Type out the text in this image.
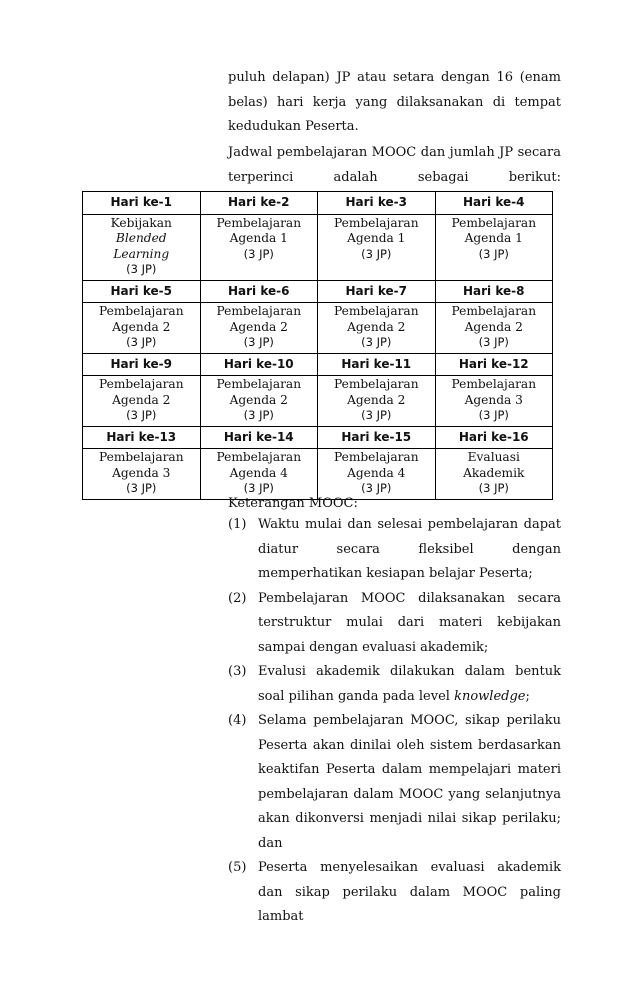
puluh delapan) JP atau setara dengan 16 (enam belas) hari kerja yang dilaksanakan di tempat kedudukan Peserta.

Jadwal pembelajaran MOOC dan jumlah JP secara terperinci adalah sebagai berikut:

Hari ke-1	Hari ke-2	Hari ke-3	Hari ke-4

Kebijakan
Blended
Learning
(3 JP)	Pembelajaran
Agenda 1
(3 JP)	Pembelajaran
Agenda 1
(3 JP)	Pembelajaran
Agenda 1
(3 JP)

Hari ke-5	Hari ke-6	Hari ke-7	Hari ke-8

Pembelajaran
Agenda 2
(3 JP)	Pembelajaran
Agenda 2
(3 JP)	Pembelajaran
Agenda 2
(3 JP)	Pembelajaran
Agenda 2
(3 JP)

Hari ke-9	Hari ke-10	Hari ke-11	Hari ke-12

Pembelajaran
Agenda 2
(3 JP)	Pembelajaran
Agenda 2
(3 JP)	Pembelajaran
Agenda 2
(3 JP)	Pembelajaran
Agenda 3
(3 JP)

Hari ke-13	Hari ke-14	Hari ke-15	Hari ke-16

Pembelajaran
Agenda 3
(3 JP)	Pembelajaran
Agenda 4
(3 JP)	Pembelajaran
Agenda 4
(3 JP)	Evaluasi
Akademik
(3 JP)

Keterangan MOOC:

(1) Waktu mulai dan selesai pembelajaran dapat diatur secara fleksibel dengan memperhatikan kesiapan belajar Peserta;
(2) Pembelajaran MOOC dilaksanakan secara terstruktur mulai dari materi kebijakan sampai dengan evaluasi akademik;
(3) Evalusi akademik dilakukan dalam bentuk soal pilihan ganda pada level knowledge;
(4) Selama pembelajaran MOOC, sikap perilaku Peserta akan dinilai oleh sistem berdasarkan keaktifan Peserta dalam mempelajari materi pembelajaran dalam MOOC yang selanjutnya akan dikonversi menjadi nilai sikap perilaku; dan
(5) Peserta menyelesaikan evaluasi akademik dan sikap perilaku dalam MOOC paling lambat
